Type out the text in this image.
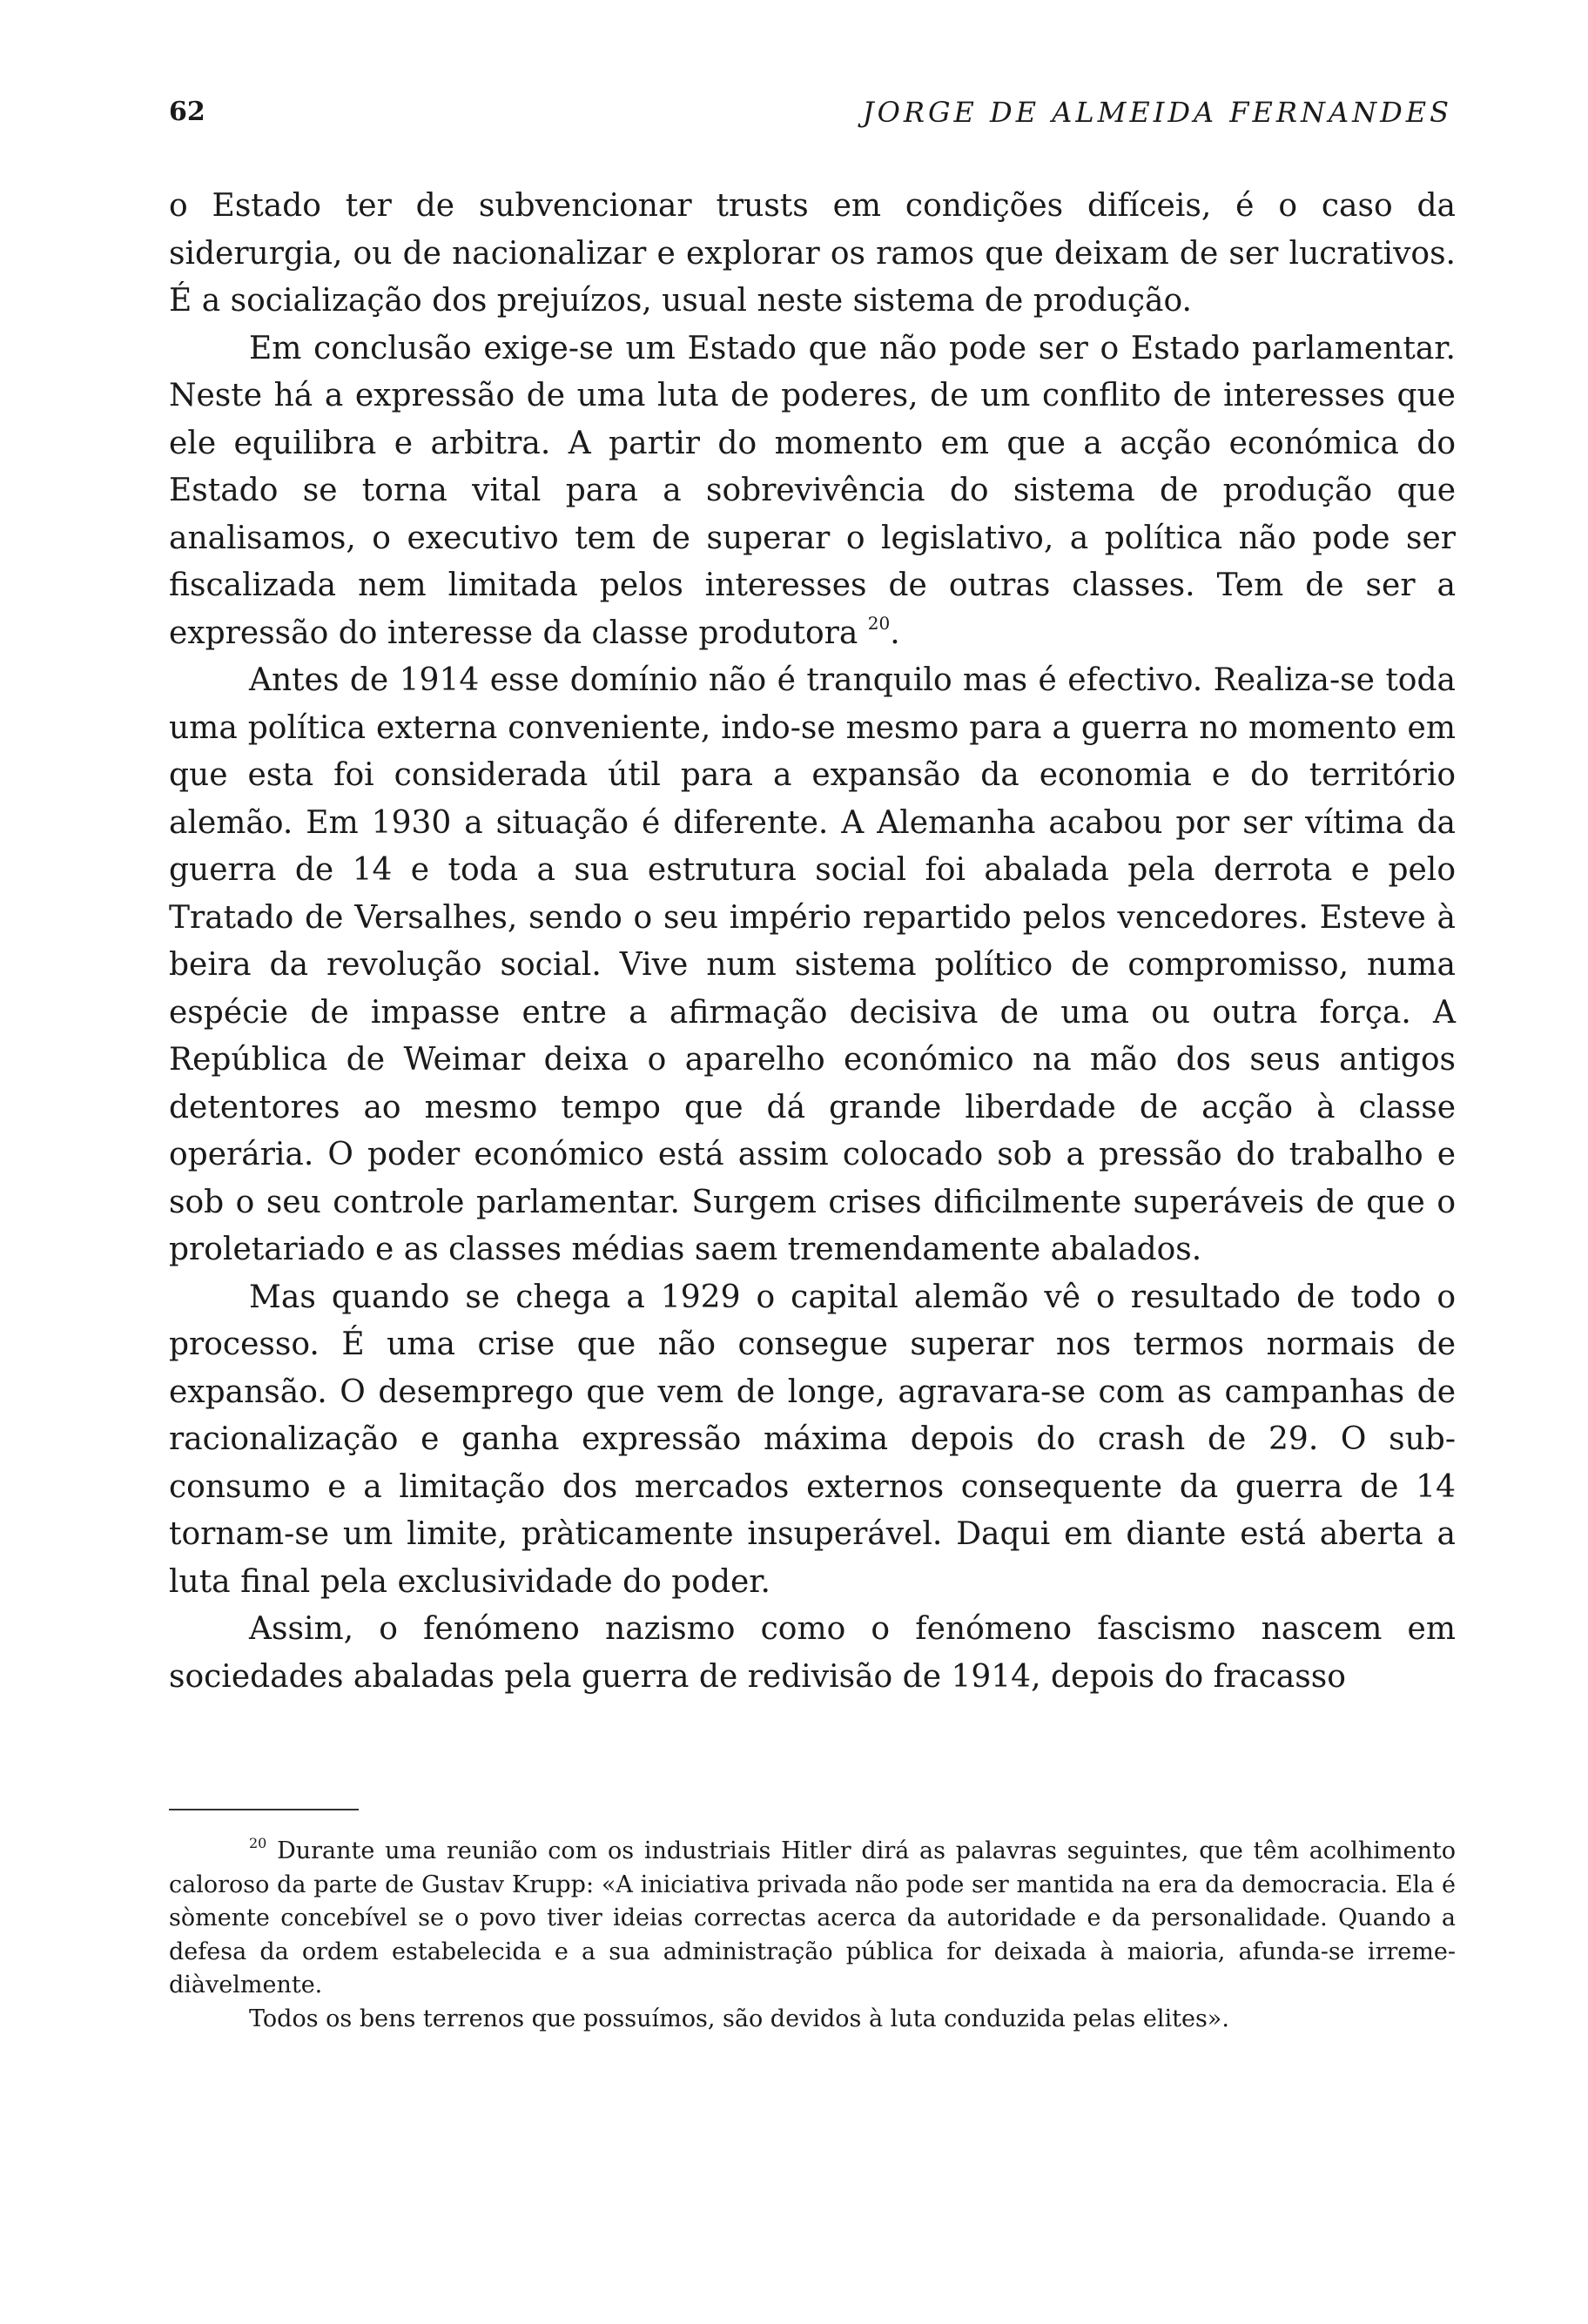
62	JORGE DE ALMEIDA FERNANDES

o Estado ter de subvencionar trusts em condições difíceis, é o caso da siderurgia, ou de nacionalizar e explorar os ramos que deixam de ser lucrativos. É a socialização dos prejuízos, usual neste sistema de produção.

Em conclusão exige-se um Estado que não pode ser o Estado parlamentar. Neste há a expressão de uma luta de poderes, de um conflito de interesses que ele equilibra e arbitra. A partir do momento em que a acção económica do Estado se torna vital para a sobrevivência do sistema de produção que analisamos, o executivo tem de superar o legislativo, a política não pode ser fiscalizada nem limitada pelos interesses de outras classes. Tem de ser a expressão do interesse da classe produtora $^{20}$.

Antes de 1914 esse domínio não é tranquilo mas é efectivo. Realiza-se toda uma política externa conveniente, indo-se mesmo para a guerra no momento em que esta foi considerada útil para a expansão da economia e do território alemão. Em 1930 a situação é diferente. A Alemanha acabou por ser vítima da guerra de 14 e toda a sua estrutura social foi abalada pela derrota e pelo Tratado de Versalhes, sendo o seu império repartido pelos vencedores. Esteve à beira da revolução social. Vive num sistema político de compromisso, numa espécie de impasse entre a afirmação decisiva de uma ou outra força. A República de Weimar deixa o aparelho económico na mão dos seus antigos detentores ao mesmo tempo que dá grande liberdade de acção à classe operária. O poder económico está assim colocado sob a pressão do trabalho e sob o seu controle parlamentar. Surgem crises dificilmente superáveis de que o proletariado e as classes médias saem tremendamente abalados.

Mas quando se chega a 1929 o capital alemão vê o resultado de todo o processo. É uma crise que não consegue superar nos termos normais de expansão. O desemprego que vem de longe, agravara-se com as campanhas de racionalização e ganha expressão máxima depois do crash de 29. O sub-consumo e a limitação dos mercados externos consequente da guerra de 14 tornam-se um limite, pràticamente insuperável. Daqui em diante está aberta a luta final pela exclusividade do poder.

Assim, o fenómeno nazismo como o fenómeno fascismo nascem em sociedades abaladas pela guerra de redivisão de 1914, depois do fracasso

$^{20}$ Durante uma reunião com os industriais Hitler dirá as palavras seguintes, que têm acolhimento caloroso da parte de Gustav Krupp: «A iniciativa privada não pode ser mantida na era da democracia. Ela é sòmente concebível se o povo tiver ideias correctas acerca da autoridade e da personalidade. Quando a defesa da ordem estabelecida e a sua administração pública for deixada à maioria, afunda-se irremediàvelmente.

Todos os bens terrenos que possuímos, são devidos à luta conduzida pelas elites».
